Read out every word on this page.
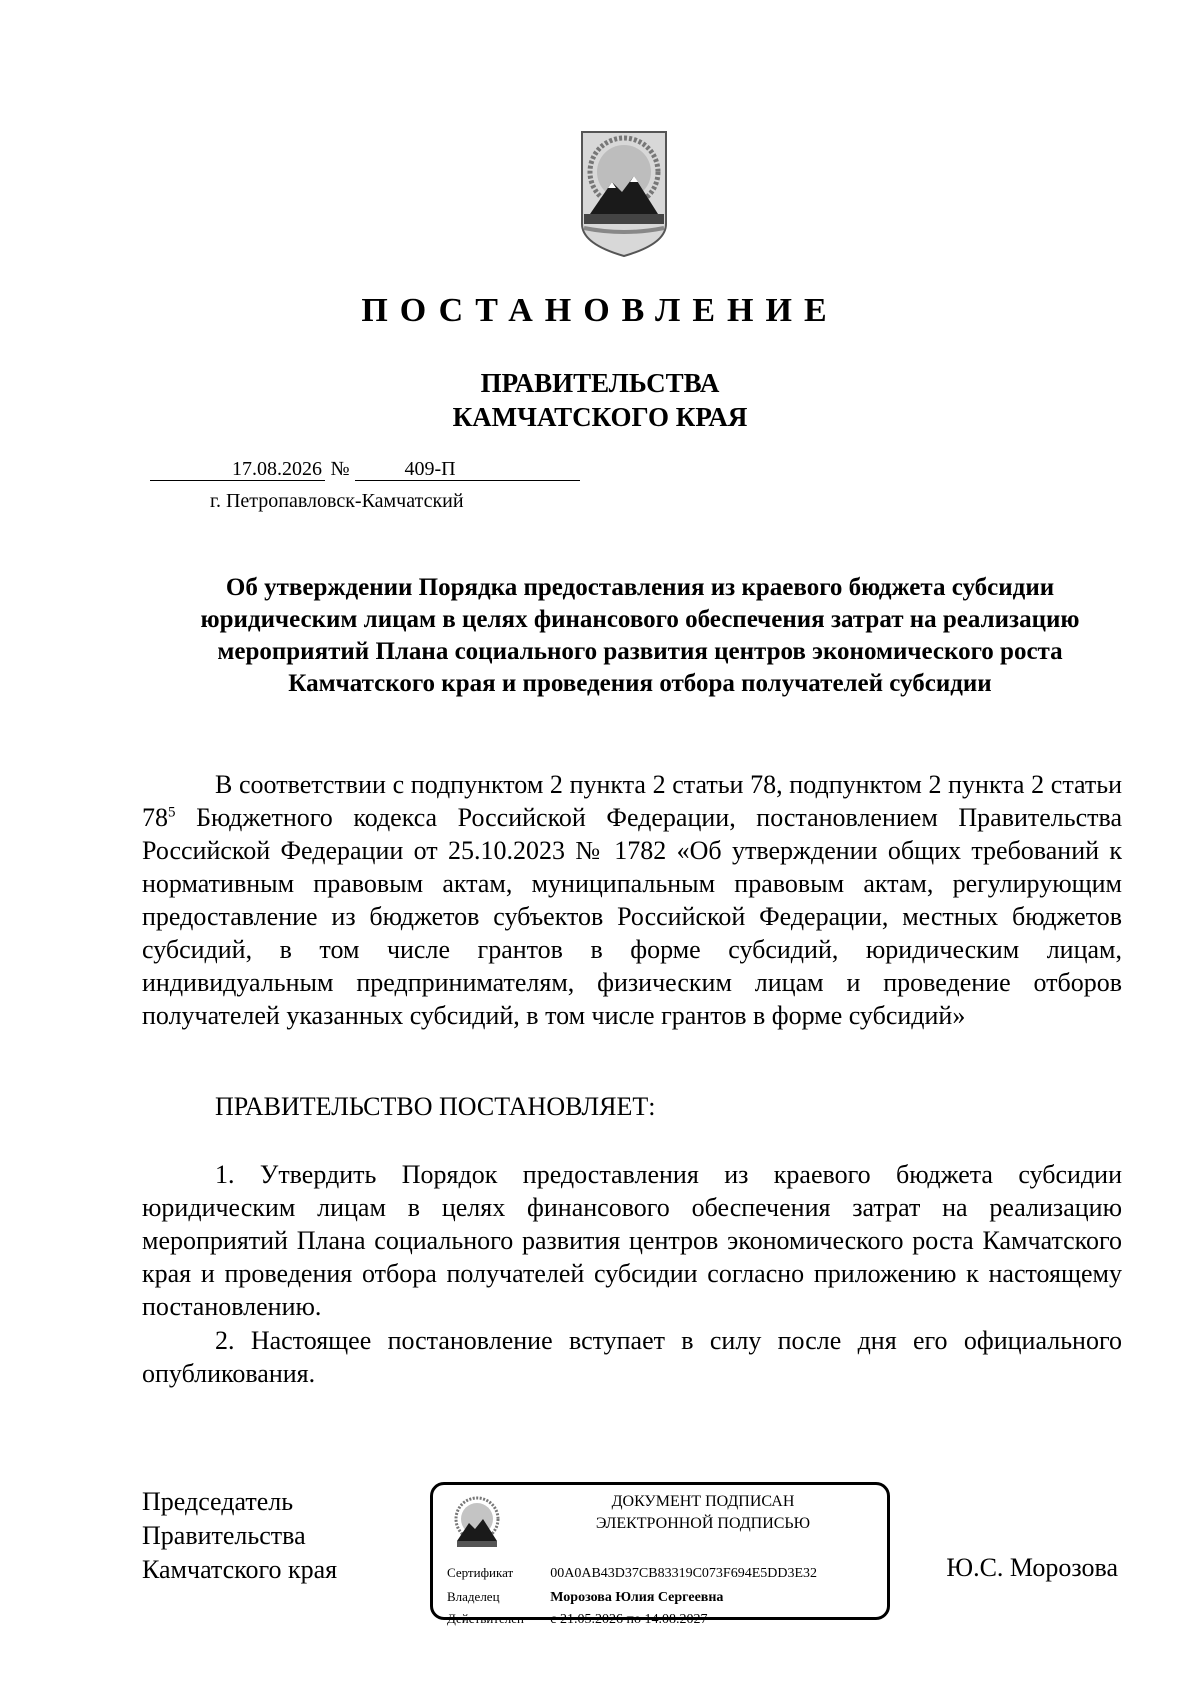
ПОСТАНОВЛЕНИЕ
ПРАВИТЕЛЬСТВА
КАМЧАТСКОГО КРАЯ
17.08.2026 №	409-П
г. Петропавловск-Камчатский
Об утверждении Порядка предоставления из краевого бюджета субсидии юридическим лицам в целях финансового обеспечения затрат на реализацию мероприятий Плана социального развития центров экономического роста Камчатского края и проведения отбора получателей субсидии
В соответствии с подпунктом 2 пункта 2 статьи 78, подпунктом 2 пункта 2 статьи $78^5$ Бюджетного кодекса Российской Федерации, постановлением Правительства Российской Федерации от 25.10.2023 № 1782 «Об утверждении общих требований к нормативным правовым актам, муниципальным правовым актам, регулирующим предоставление из бюджетов субъектов Российской Федерации, местных бюджетов субсидий, в том числе грантов в форме субсидий, юридическим лицам, индивидуальным предпринимателям, физическим лицам и проведение отборов получателей указанных субсидий, в том числе грантов в форме субсидий»
ПРАВИТЕЛЬСТВО ПОСТАНОВЛЯЕТ:
1. Утвердить Порядок предоставления из краевого бюджета субсидии юридическим лицам в целях финансового обеспечения затрат на реализацию мероприятий Плана социального развития центров экономического роста Камчатского края и проведения отбора получателей субсидии согласно приложению к настоящему постановлению.
2. Настоящее постановление вступает в силу после дня его официального опубликования.
Председатель
Правительства
Камчатского края	Ю.С. Морозова
ДОКУМЕНТ ПОДПИСАН
ЭЛЕКТРОННОЙ ПОДПИСЬЮ
Сертификат	00A0AB43D37CB83319C073F694E5DD3E32
Владелец	Морозова Юлия Сергеевна
Действителен с 21.05.2026 по 14.08.2027
